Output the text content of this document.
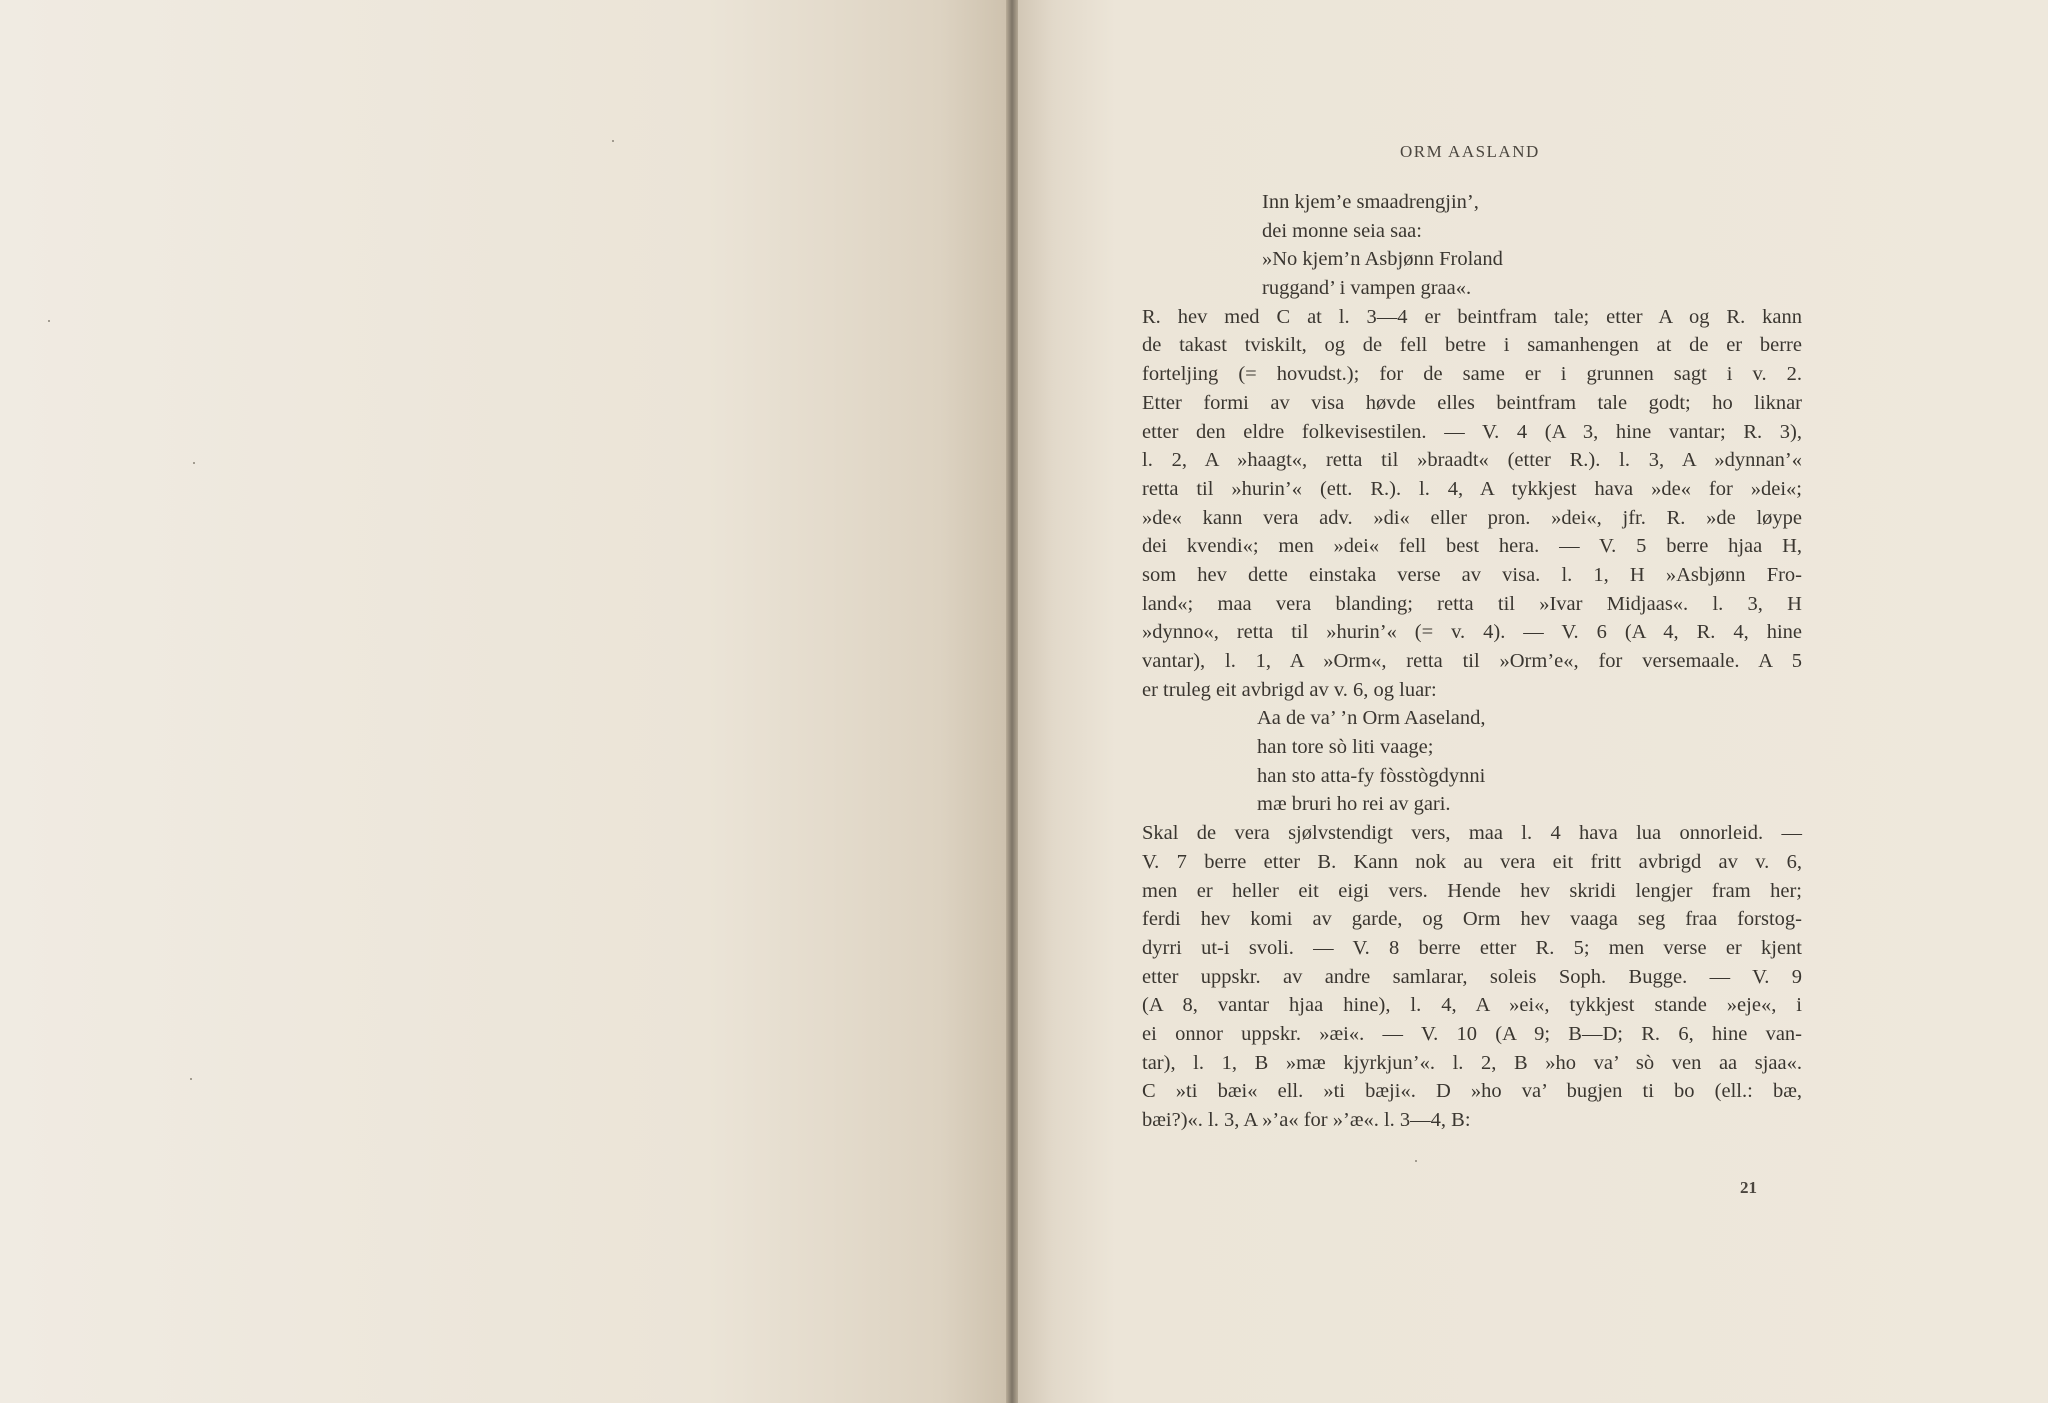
ORM AASLAND
Inn kjem’e smaadrengjin’,
dei monne seia saa:
»No kjem’n Asbjønn Froland
ruggand’ i vampen graa«.
R. hev med C at l. 3—4 er beintfram tale; etter A og R. kann
de takast tviskilt, og de fell betre i samanhengen at de er berre
forteljing (= hovudst.); for de same er i grunnen sagt i v. 2.
Etter formi av visa høvde elles beintfram tale godt; ho liknar
etter den eldre folkevisestilen. — V. 4 (A 3, hine vantar; R. 3),
l. 2, A »haagt«, retta til »braadt« (etter R.). l. 3, A »dynnan’«
retta til »hurin’« (ett. R.). l. 4, A tykkjest hava »de« for »dei«;
»de« kann vera adv. »di« eller pron. »dei«, jfr. R. »de løype
dei kvendi«; men »dei« fell best hera. — V. 5 berre hjaa H,
som hev dette einstaka verse av visa. l. 1, H »Asbjønn Fro-
land«; maa vera blanding; retta til »Ivar Midjaas«. l. 3, H
»dynno«, retta til »hurin’« (= v. 4). — V. 6 (A 4, R. 4, hine
vantar), l. 1, A »Orm«, retta til »Orm’e«, for versemaale. A 5
er truleg eit avbrigd av v. 6, og luar:
Aa de va’ ’n Orm Aaseland,
han tore sò liti vaage;
han sto atta-fy fòsstògdynni
mæ bruri ho rei av gari.
Skal de vera sjølvstendigt vers, maa l. 4 hava lua onnorleid. —
V. 7 berre etter B. Kann nok au vera eit fritt avbrigd av v. 6,
men er heller eit eigi vers. Hende hev skridi lengjer fram her;
ferdi hev komi av garde, og Orm hev vaaga seg fraa forstog-
dyrri ut-i svoli. — V. 8 berre etter R. 5; men verse er kjent
etter uppskr. av andre samlarar, soleis Soph. Bugge. — V. 9
(A 8, vantar hjaa hine), l. 4, A »ei«, tykkjest stande »eje«, i
ei onnor uppskr. »æi«. — V. 10 (A 9; B—D; R. 6, hine van-
tar), l. 1, B »mæ kjyrkjun’«. l. 2, B »ho va’ sò ven aa sjaa«.
C »ti bæi« ell. »ti bæji«. D »ho va’ bugjen ti bo (ell.: bæ,
bæi?)«. l. 3, A »’a« for »’æ«. l. 3—4, B:
21
